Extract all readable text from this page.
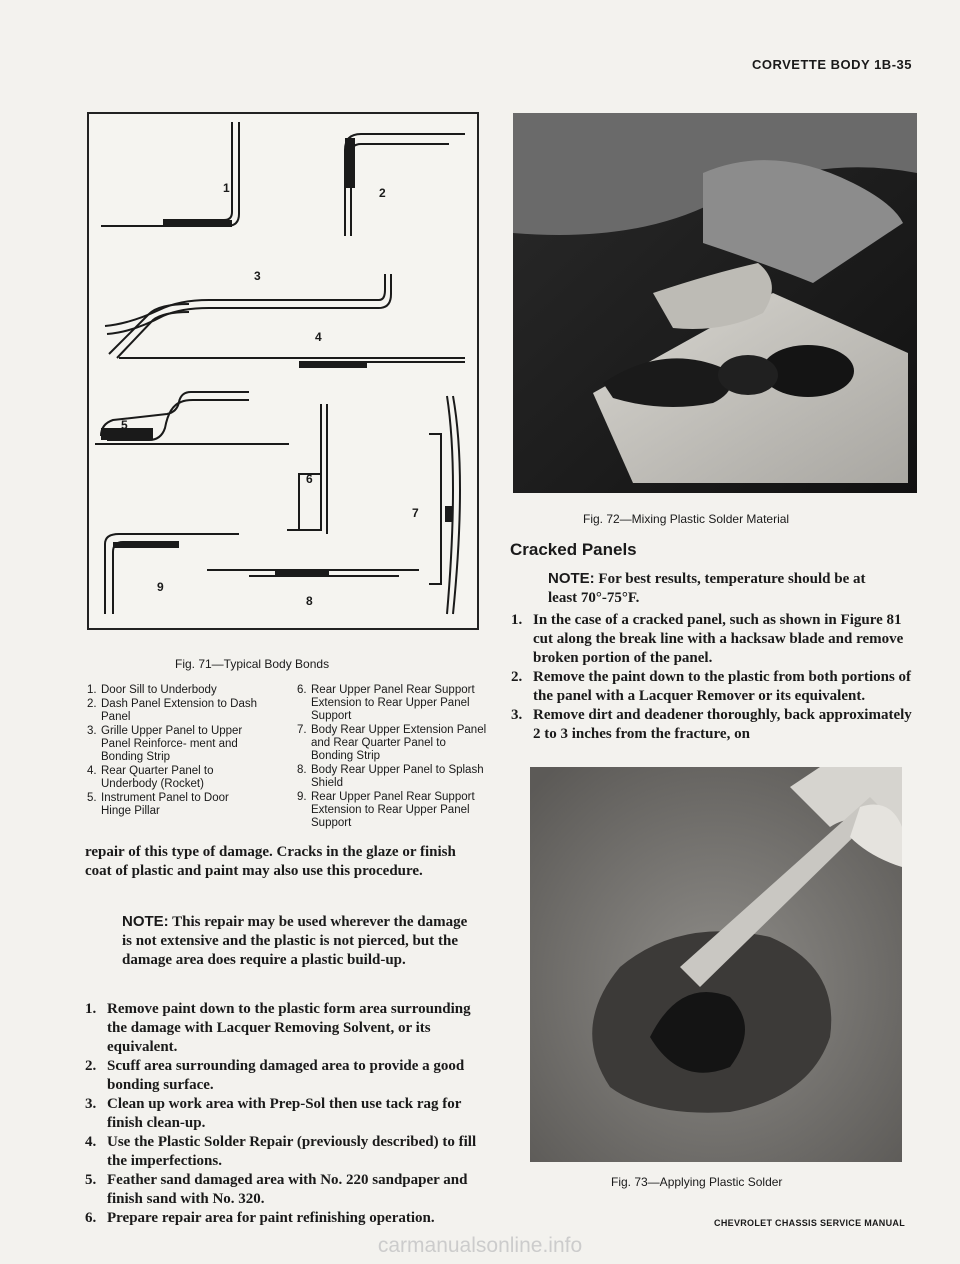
CORVETTE BODY 1B-35
1	2
3
4
5
6
7
8
9
Fig. 71—Typical Body Bonds
1. Door Sill to Underbody
2. Dash Panel Extension to Dash Panel
3. Grille Upper Panel to Upper Panel Reinforce- ment and Bonding Strip
4. Rear Quarter Panel to Underbody (Rocket)
5. Instrument Panel to Door Hinge Pillar
6. Rear Upper Panel Rear Support Extension to Rear Upper Panel Support
7. Body Rear Upper Extension Panel and Rear Quarter Panel to Bonding Strip
8. Body Rear Upper Panel to Splash Shield
9. Rear Upper Panel Rear Support Extension to Rear Upper Panel Support
repair of this type of damage. Cracks in the glaze or finish coat of plastic and paint may also use this procedure.
NOTE: This repair may be used wherever the damage is not extensive and the plastic is not pierced, but the damage area does require a plastic build-up.
1. Remove paint down to the plastic form area surrounding the damage with Lacquer Removing Solvent, or its equivalent.
2. Scuff area surrounding damaged area to provide a good bonding surface.
3. Clean up work area with Prep-Sol then use tack rag for finish clean-up.
4. Use the Plastic Solder Repair (previously described) to fill the imperfections.
5. Feather sand damaged area with No. 220 sandpaper and finish sand with No. 320.
6. Prepare repair area for paint refinishing operation.
Fig. 72—Mixing Plastic Solder Material
Cracked Panels
NOTE: For best results, temperature should be at least 70°-75°F.
1. In the case of a cracked panel, such as shown in Figure 81 cut along the break line with a hacksaw blade and remove broken portion of the panel.
2. Remove the paint down to the plastic from both portions of the panel with a Lacquer Remover or its equivalent.
3. Remove dirt and deadener thoroughly, back approximately 2 to 3 inches from the fracture, on
Fig. 73—Applying Plastic Solder
CHEVROLET CHASSIS SERVICE MANUAL
carmanualsonline.info
